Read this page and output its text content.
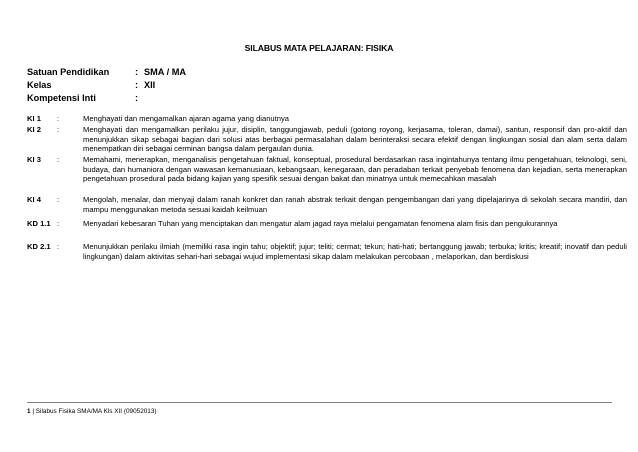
SILABUS MATA PELAJARAN: FISIKA
Satuan Pendidikan	: SMA / MA
Kelas	: XII
Kompetensi Inti	:
KI 1 :	Menghayati dan mengamalkan ajaran agama yang dianutnya
KI 2 :	Menghayati dan mengamalkan perilaku jujur, disiplin, tanggungjawab, peduli (gotong royong, kerjasama, toleran, damai), santun, responsif dan pro-aktif dan menunjukkan sikap sebagai bagian dari solusi atas berbagai permasalahan dalam berinteraksi secara efektif dengan lingkungan sosial dan alam serta dalam menempatkan diri sebagai cerminan bangsa dalam pergaulan dunia.
KI 3 :	Memahami, menerapkan, menganalisis pengetahuan faktual, konseptual, prosedural berdasarkan rasa ingintahunya tentang ilmu pengetahuan, teknologi, seni, budaya, dan humaniora dengan wawasan kemanusiaan, kebangsaan, kenegaraan, dan peradaban terkait penyebab fenomena dan kejadian, serta menerapkan pengetahuan prosedural pada bidang kajian yang spesifik sesuai dengan bakat dan minatnya untuk memecahkan masalah
KI 4 :	Mengolah, menalar, dan menyaji dalam ranah konkret dan ranah abstrak terkait dengan pengembangan dari yang dipelajarinya di sekolah secara mandiri, dan mampu menggunakan metoda sesuai kaidah keilmuan
KD 1.1 :	Menyadari kebesaran Tuhan yang menciptakan dan mengatur alam jagad raya melalui pengamatan fenomena alam fisis dan pengukurannya
KD 2.1 :	Menunjukkan perilaku ilmiah (memiliki rasa ingin tahu; objektif; jujur; teliti; cermat; tekun; hati-hati; bertanggung jawab; terbuka; kritis; kreatif; inovatif dan peduli lingkungan) dalam aktivitas sehari-hari sebagai wujud implementasi sikap dalam melakukan percobaan , melaporkan, dan berdiskusi
1 | Silabus Fisika SMA/MA Kls XII (09052013)
